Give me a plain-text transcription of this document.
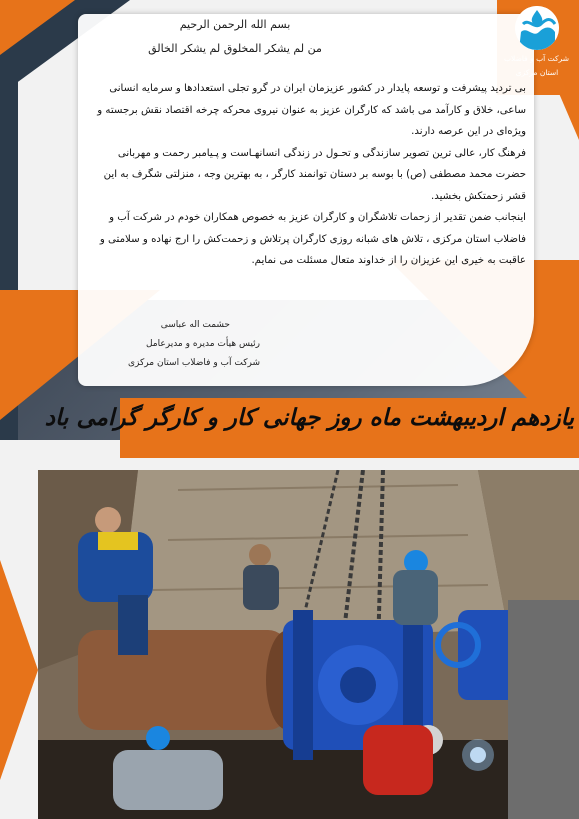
بسم الله الرحمن الرحیم
من لم یشکر المخلوق لم یشکر الخالق

بی تردید پیشرفت و توسعه پایدار در کشور عزیزمان ایران در گرو تجلی استعدادها و سرمایه انسانی ساعی، خلاق و کارآمد می باشد که کارگران عزیز به عنوان نیروی محرکه چرخه اقتصاد نقش برجسته و ویژه‌ای در این عرصه دارند.

فرهنگ کار، عالی ترین تصویر سازندگی و تحـول در زندگی انسانهـاست و پـیامبر رحمت و مهربانی حضرت محمد مصطفی (ص) با بوسه بر دستان توانمند کارگر ، به بهترین وجه ، منزلتی شگرف به این قشر زحمتکش بخشید.

اینجانب ضمن تقدیر از زحمات تلاشگران و کارگران عزیز به خصوص همکاران خودم در شرکت آب و فاضلاب استان مرکزی ، تلاش های شبانه روزی کارگران پرتلاش و زحمت‌کش را ارج نهاده و سلامتی و عاقبت به خیری این عزیزان را از خداوند متعال مسئلت می نمایم.

حشمت اله عباسی
رئیس هیأت مدیره و مدیرعامل
شرکت آب و فاضلاب استان مرکزی
شرکت آب و فاضلاب
استان مرکزی
یازدهم اردیبهشت ماه روز جهانی کار و کارگر گرامی باد
